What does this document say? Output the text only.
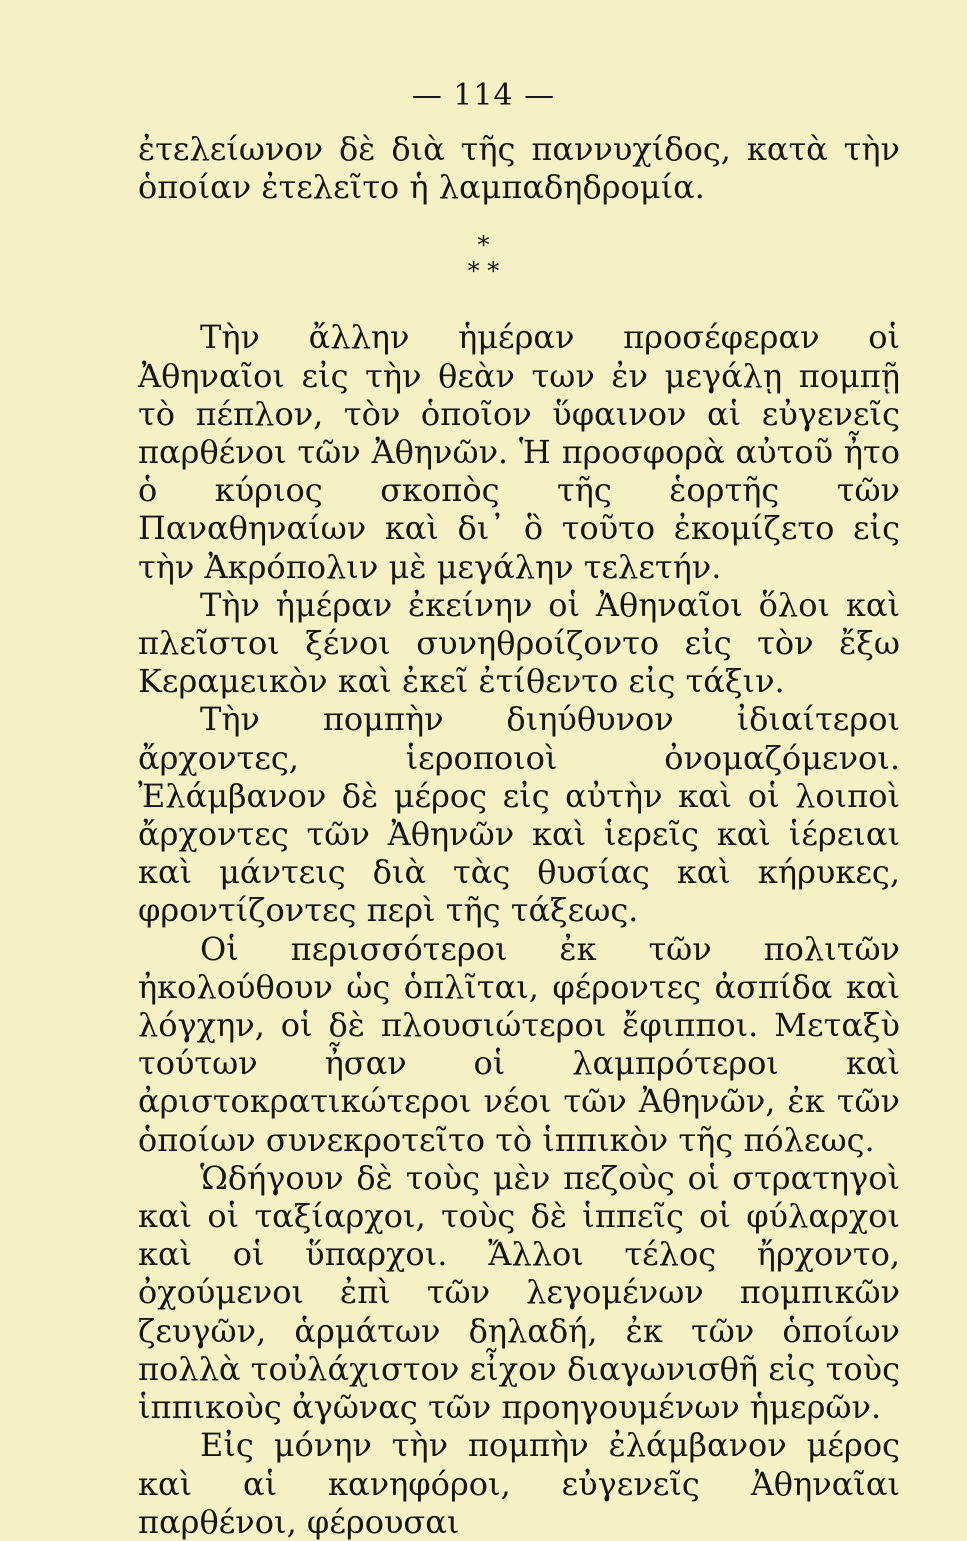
— 114 —
*
* *

ἐτελείωνον δὲ διὰ τῆς παννυχίδος, κατὰ τὴν ὁποίαν ἐτελεῖτο ἡ λαμπαδηδρομία.

Τὴν ἄλλην ἡμέραν προσέφεραν οἱ Ἀθηναῖοι εἰς τὴν θεὰν των ἐν μεγάλῃ πομπῇ τὸ πέπλον, τὸν ὁποῖον ὕφαινον αἱ εὐγενεῖς παρθένοι τῶν Ἀθηνῶν. Ἡ προσφορὰ αὐτοῦ ἦτο ὁ κύριος σκοπὸς τῆς ἑορτῆς τῶν Παναθηναίων καὶ δι᾽ ὃ τοῦτο ἐκομίζετο εἰς τὴν Ἀκρόπολιν μὲ μεγάλην τελετήν.

Τὴν ἡμέραν ἐκείνην οἱ Ἀθηναῖοι ὅλοι καὶ πλεῖστοι ξένοι συνηθροίζοντο εἰς τὸν ἔξω Κεραμεικὸν καὶ ἐκεῖ ἐτίθεντο εἰς τάξιν.

Τὴν πομπὴν διηύθυνον ἰδιαίτεροι ἄρχοντες, ἱεροποιοὶ ὀνομαζόμενοι. Ἐλάμβανον δὲ μέρος εἰς αὐτὴν καὶ οἱ λοιποὶ ἄρχοντες τῶν Ἀθηνῶν καὶ ἱερεῖς καὶ ἱέρειαι καὶ μάντεις διὰ τὰς θυσίας καὶ κήρυκες, φροντίζοντες περὶ τῆς τάξεως.

Οἱ περισσότεροι ἐκ τῶν πολιτῶν ἠκολούθουν ὡς ὁπλῖται, φέροντες ἀσπίδα καὶ λόγχην, οἱ δὲ πλουσιώτεροι ἔφιπποι. Μεταξὺ τούτων ἦσαν οἱ λαμπρότεροι καὶ ἀριστοκρατικώτεροι νέοι τῶν Ἀθηνῶν, ἐκ τῶν ὁποίων συνεκροτεῖτο τὸ ἱππικὸν τῆς πόλεως.

Ὡδήγουν δὲ τοὺς μὲν πεζοὺς οἱ στρατηγοὶ καὶ οἱ ταξίαρχοι, τοὺς δὲ ἱππεῖς οἱ φύλαρχοι καὶ οἱ ὕπαρχοι. Ἄλλοι τέλος ἤρχοντο, ὀχούμενοι ἐπὶ τῶν λεγομένων πομπικῶν ζευγῶν, ἁρμάτων δηλαδή, ἐκ τῶν ὁποίων πολλὰ τοὐλάχιστον εἶχον διαγωνισθῆ εἰς τοὺς ἱππικοὺς ἀγῶνας τῶν προηγουμένων ἡμερῶν.

Εἰς μόνην τὴν πομπὴν ἐλάμβανον μέρος καὶ αἱ κανηφόροι, εὐγενεῖς Ἀθηναῖαι παρθένοι, φέρουσαι
